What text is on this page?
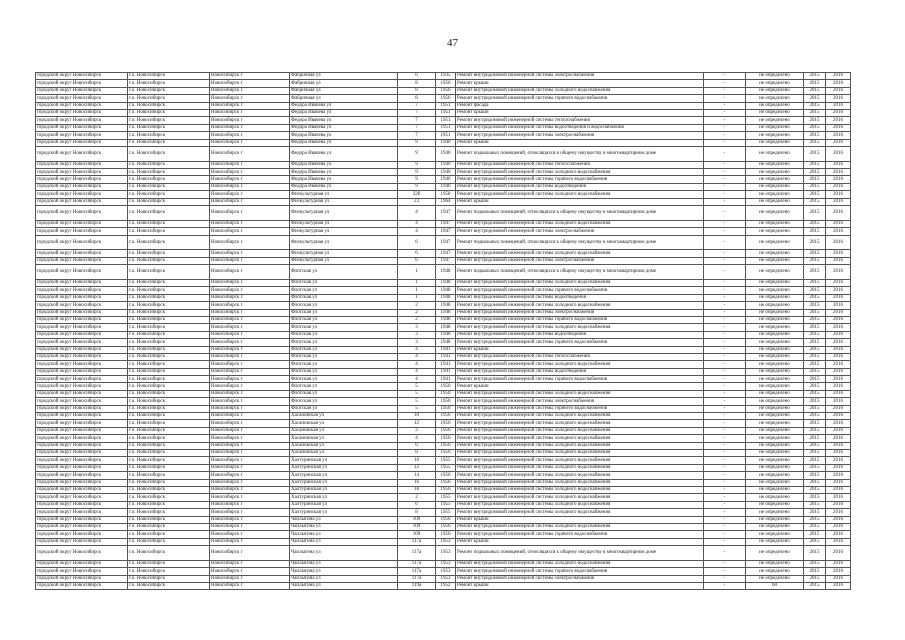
47
городской округ Новосибирск	г.о. Новосибирск	Новосибирск г	Фабричная ул	6	1935	Ремонт внутридомовой инженерной системы электроснабжения	-	не определено	2015	2016
городской округ Новосибирск	г.о. Новосибирск	Новосибирск г	Фабричная ул	8	1956	Ремонт крыши	-	не определено	2015	2016
городской округ Новосибирск	г.о. Новосибирск	Новосибирск г	Фабричная ул	8	1956	Ремонт внутридомовой инженерной системы холодного водоснабжения	-	не определено	2015	2016
городской округ Новосибирск	г.о. Новосибирск	Новосибирск г	Фабричная ул	8	1956	Ремонт внутридомовой инженерной системы горячего водоснабжения	-	не определено	2015	2016
городской округ Новосибирск	г.о. Новосибирск	Новосибирск г	Федора Ивачева ул	7	1951	Ремонт фасада	-	не определено	2015	2016
городской округ Новосибирск	г.о. Новосибирск	Новосибирск г	Федора Ивачева ул	7	1951	Ремонт крыши	-	не определено	2015	2016
городской округ Новосибирск	г.о. Новосибирск	Новосибирск г	Федора Ивачева ул	7	1951	Ремонт внутридомовой инженерной системы теплоснабжения	-	не определено	2015	2016
городской округ Новосибирск	г.о. Новосибирск	Новосибирск г	Федора Ивачева ул	7	1951	Ремонт внутридомовой инженерной системы водоотведения и водоснабжения	-	не определено	2015	2016
городской округ Новосибирск	г.о. Новосибирск	Новосибирск г	Федора Ивачева ул	7	1951	Ремонт внутридомовой инженерной системы электроснабжения	-	не определено	2015	2016
городской округ Новосибирск	г.о. Новосибирск	Новосибирск г	Федора Ивачева ул	9	1940	Ремонт крыши	-	не определено	2015	2016
городской округ Новосибирск	г.о. Новосибирск	Новосибирск г	Федора Ивачева ул	9	1940	Ремонт подвальных помещений, относящихся к общему имуществу в многоквартирном доме	-	не определено	2015	2016
городской округ Новосибирск	г.о. Новосибирск	Новосибирск г	Федора Ивачева ул	9	1940	Ремонт внутридомовой инженерной системы теплоснабжения	-	не определено	2015	2016
городской округ Новосибирск	г.о. Новосибирск	Новосибирск г	Федора Ивачева ул	9	1940	Ремонт внутридомовой инженерной системы холодного водоснабжения	-	не определено	2015	2016
городской округ Новосибирск	г.о. Новосибирск	Новосибирск г	Федора Ивачева ул	9	1940	Ремонт внутридомовой инженерной системы горячего водоснабжения	-	не определено	2015	2016
городской округ Новосибирск	г.о. Новосибирск	Новосибирск г	Федора Ивачева ул	9	1940	Ремонт внутридомовой инженерной системы водоотведения	-	не определено	2015	2016
городской округ Новосибирск	г.о. Новосибирск	Новосибирск г	Физкультурная ул	22б	1958	Ремонт внутридомовой инженерной системы холодного водоснабжения	-	не определено	2015	2016
городской округ Новосибирск	г.о. Новосибирск	Новосибирск г	Физкультурная ул	23	1964	Ремонт крыши	-	не определено	2015	2016
городской округ Новосибирск	г.о. Новосибирск	Новосибирск г	Физкультурная ул	4	1947	Ремонт подвальных помещений, относящихся к общему имуществу в многоквартирном доме	-	не определено	2015	2016
городской округ Новосибирск	г.о. Новосибирск	Новосибирск г	Физкультурная ул	4	1947	Ремонт внутридомовой инженерной системы холодного водоснабжения	-	не определено	2015	2016
городской округ Новосибирск	г.о. Новосибирск	Новосибирск г	Физкультурная ул	4	1947	Ремонт внутридомовой инженерной системы электроснабжения	-	не определено	2015	2016
городской округ Новосибирск	г.о. Новосибирск	Новосибирск г	Физкультурная ул	6	1947	Ремонт подвальных помещений, относящихся к общему имуществу в многоквартирном доме	-	не определено	2015	2016
городской округ Новосибирск	г.о. Новосибирск	Новосибирск г	Физкультурная ул	6	1947	Ремонт внутридомовой инженерной системы холодного водоснабжения	-	не определено	2015	2016
городской округ Новосибирск	г.о. Новосибирск	Новосибирск г	Физкультурная ул	6	1947	Ремонт внутридомовой инженерной системы электроснабжения	-	не определено	2015	2016
городской округ Новосибирск	г.о. Новосибирск	Новосибирск г	Флотская ул	1	1948	Ремонт подвальных помещений, относящихся к общему имуществу в многоквартирном доме	-	не определено	2015	2016
городской округ Новосибирск	г.о. Новосибирск	Новосибирск г	Флотская ул	1	1948	Ремонт внутридомовой инженерной системы холодного водоснабжения	-	не определено	2015	2016
городской округ Новосибирск	г.о. Новосибирск	Новосибирск г	Флотская ул	1	1948	Ремонт внутридомовой инженерной системы горячего водоснабжения	-	не определено	2015	2016
городской округ Новосибирск	г.о. Новосибирск	Новосибирск г	Флотская ул	1	1948	Ремонт внутридомовой инженерной системы водоотведения	-	не определено	2015	2016
городской округ Новосибирск	г.о. Новосибирск	Новосибирск г	Флотская ул	2	1948	Ремонт внутридомовой инженерной системы холодного водоснабжения	-	не определено	2015	2016
городской округ Новосибирск	г.о. Новосибирск	Новосибирск г	Флотская ул	2	1948	Ремонт внутридомовой инженерной системы электроснабжения	-	не определено	2015	2016
городской округ Новосибирск	г.о. Новосибирск	Новосибирск г	Флотская ул	2	1948	Ремонт внутридомовой инженерной системы горячего водоснабжения	-	не определено	2015	2016
городской округ Новосибирск	г.о. Новосибирск	Новосибирск г	Флотская ул	3	1948	Ремонт внутридомовой инженерной системы холодного водоснабжения	-	не определено	2015	2016
городской округ Новосибирск	г.о. Новосибирск	Новосибирск г	Флотская ул	3	1948	Ремонт внутридомовой инженерной системы водоотведения	-	не определено	2015	2016
городской округ Новосибирск	г.о. Новосибирск	Новосибирск г	Флотская ул	3	1948	Ремонт внутридомовой инженерной системы горячего водоснабжения	-	не определено	2015	2016
городской округ Новосибирск	г.о. Новосибирск	Новосибирск г	Флотская ул	4	1941	Ремонт крыши	-	не определено	2015	2016
городской округ Новосибирск	г.о. Новосибирск	Новосибирск г	Флотская ул	4	1941	Ремонт внутридомовой инженерной системы теплоснабжения	-	не определено	2015	2016
городской округ Новосибирск	г.о. Новосибирск	Новосибирск г	Флотская ул	4	1941	Ремонт внутридомовой инженерной системы холодного водоснабжения	-	не определено	2015	2016
городской округ Новосибирск	г.о. Новосибирск	Новосибирск г	Флотская ул	4	1941	Ремонт внутридомовой инженерной системы водоотведения	-	не определено	2015	2016
городской округ Новосибирск	г.о. Новосибирск	Новосибирск г	Флотская ул	4	1941	Ремонт внутридомовой инженерной системы горячего водоснабжения	-	не определено	2015	2016
городской округ Новосибирск	г.о. Новосибирск	Новосибирск г	Флотская ул	5	1950	Ремонт крыши	-	не определено	2015	2016
городской округ Новосибирск	г.о. Новосибирск	Новосибирск г	Флотская ул	5	1950	Ремонт внутридомовой инженерной системы холодного водоснабжения	-	не определено	2015	2016
городской округ Новосибирск	г.о. Новосибирск	Новосибирск г	Флотская ул	5	1950	Ремонт внутридомовой инженерной системы электроснабжения	-	не определено	2015	2016
городской округ Новосибирск	г.о. Новосибирск	Новосибирск г	Флотская ул	5	1950	Ремонт внутридомовой инженерной системы горячего водоснабжения	-	не определено	2015	2016
городской округ Новосибирск	г.о. Новосибирск	Новосибирск г	Хасановская ул	10	1956	Ремонт внутридомовой инженерной системы холодного водоснабжения	-	не определено	2015	2016
городской округ Новосибирск	г.о. Новосибирск	Новосибирск г	Хасановская ул	12	1956	Ремонт внутридомовой инженерной системы холодного водоснабжения	-	не определено	2015	2016
городской округ Новосибирск	г.о. Новосибирск	Новосибирск г	Хасановская ул	2	1956	Ремонт внутридомовой инженерной системы холодного водоснабжения	-	не определено	2015	2016
городской округ Новосибирск	г.о. Новосибирск	Новосибирск г	Хасановская ул	4	1956	Ремонт внутридомовой инженерной системы холодного водоснабжения	-	не определено	2015	2016
городской округ Новосибирск	г.о. Новосибирск	Новосибирск г	Хасановская ул	6	1956	Ремонт внутридомовой инженерной системы холодного водоснабжения	-	не определено	2015	2016
городской округ Новосибирск	г.о. Новосибирск	Новосибирск г	Хасановская ул	8	1956	Ремонт внутридомовой инженерной системы холодного водоснабжения	-	не определено	2015	2016
городской округ Новосибирск	г.о. Новосибирск	Новосибирск г	Халтуринская ул	10	1955	Ремонт внутридомовой инженерной системы холодного водоснабжения	-	не определено	2015	2016
городской округ Новосибирск	г.о. Новосибирск	Новосибирск г	Халтуринская ул	12	1955	Ремонт внутридомовой инженерной системы холодного водоснабжения	-	не определено	2015	2016
городской округ Новосибирск	г.о. Новосибирск	Новосибирск г	Халтуринская ул	14	1956	Ремонт внутридомовой инженерной системы холодного водоснабжения	-	не определено	2015	2016
городской округ Новосибирск	г.о. Новосибирск	Новосибирск г	Халтуринская ул	16	1956	Ремонт внутридомовой инженерной системы холодного водоснабжения	-	не определено	2015	2016
городской округ Новосибирск	г.о. Новосибирск	Новосибирск г	Халтуринская ул	18	1956	Ремонт внутридомовой инженерной системы холодного водоснабжения	-	не определено	2015	2016
городской округ Новосибирск	г.о. Новосибирск	Новосибирск г	Халтуринская ул	2	1955	Ремонт внутридомовой инженерной системы холодного водоснабжения	-	не определено	2015	2016
городской округ Новосибирск	г.о. Новосибирск	Новосибирск г	Халтуринская ул	6	1955	Ремонт внутридомовой инженерной системы холодного водоснабжения	-	не определено	2015	2016
городской округ Новосибирск	г.о. Новосибирск	Новосибирск г	Халтуринская ул	8	1955	Ремонт внутридомовой инженерной системы холодного водоснабжения	-	не определено	2015	2016
городской округ Новосибирск	г.о. Новосибирск	Новосибирск г	Чаплыгина ул	109	1956	Ремонт крыши	-	не определено	2015	2016
городской округ Новосибирск	г.о. Новосибирск	Новосибирск г	Чаплыгина ул	109	1956	Ремонт внутридомовой инженерной системы холодного водоснабжения	-	не определено	2015	2016
городской округ Новосибирск	г.о. Новосибирск	Новосибирск г	Чаплыгина ул	109	1956	Ремонт внутридомовой инженерной системы горячего водоснабжения	-	не определено	2015	2016
городской округ Новосибирск	г.о. Новосибирск	Новосибирск г	Чаплыгина ул	117а	1953	Ремонт крыши	-	не определено	2015	2016
городской округ Новосибирск	г.о. Новосибирск	Новосибирск г	Чаплыгина ул	117а	1953	Ремонт подвальных помещений, относящихся к общему имуществу в многоквартирном доме	-	не определено	2015	2016
городской округ Новосибирск	г.о. Новосибирск	Новосибирск г	Чаплыгина ул	117а	1953	Ремонт внутридомовой инженерной системы холодного водоснабжения	-	не определено	2015	2016
городской округ Новосибирск	г.о. Новосибирск	Новосибирск г	Чаплыгина ул	117а	1953	Ремонт внутридомовой инженерной системы горячего водоснабжения	-	не определено	2015	2016
городской округ Новосибирск	г.о. Новосибирск	Новосибирск г	Чаплыгина ул	117а	1953	Ремонт внутридомовой инженерной системы электроснабжения	-	не определено	2015	2016
городской округ Новосибирск	г.о. Новосибирск	Новосибирск г	Чаплыгина ул	119а	1952	Ремонт крыши	-	60	2015	2016
